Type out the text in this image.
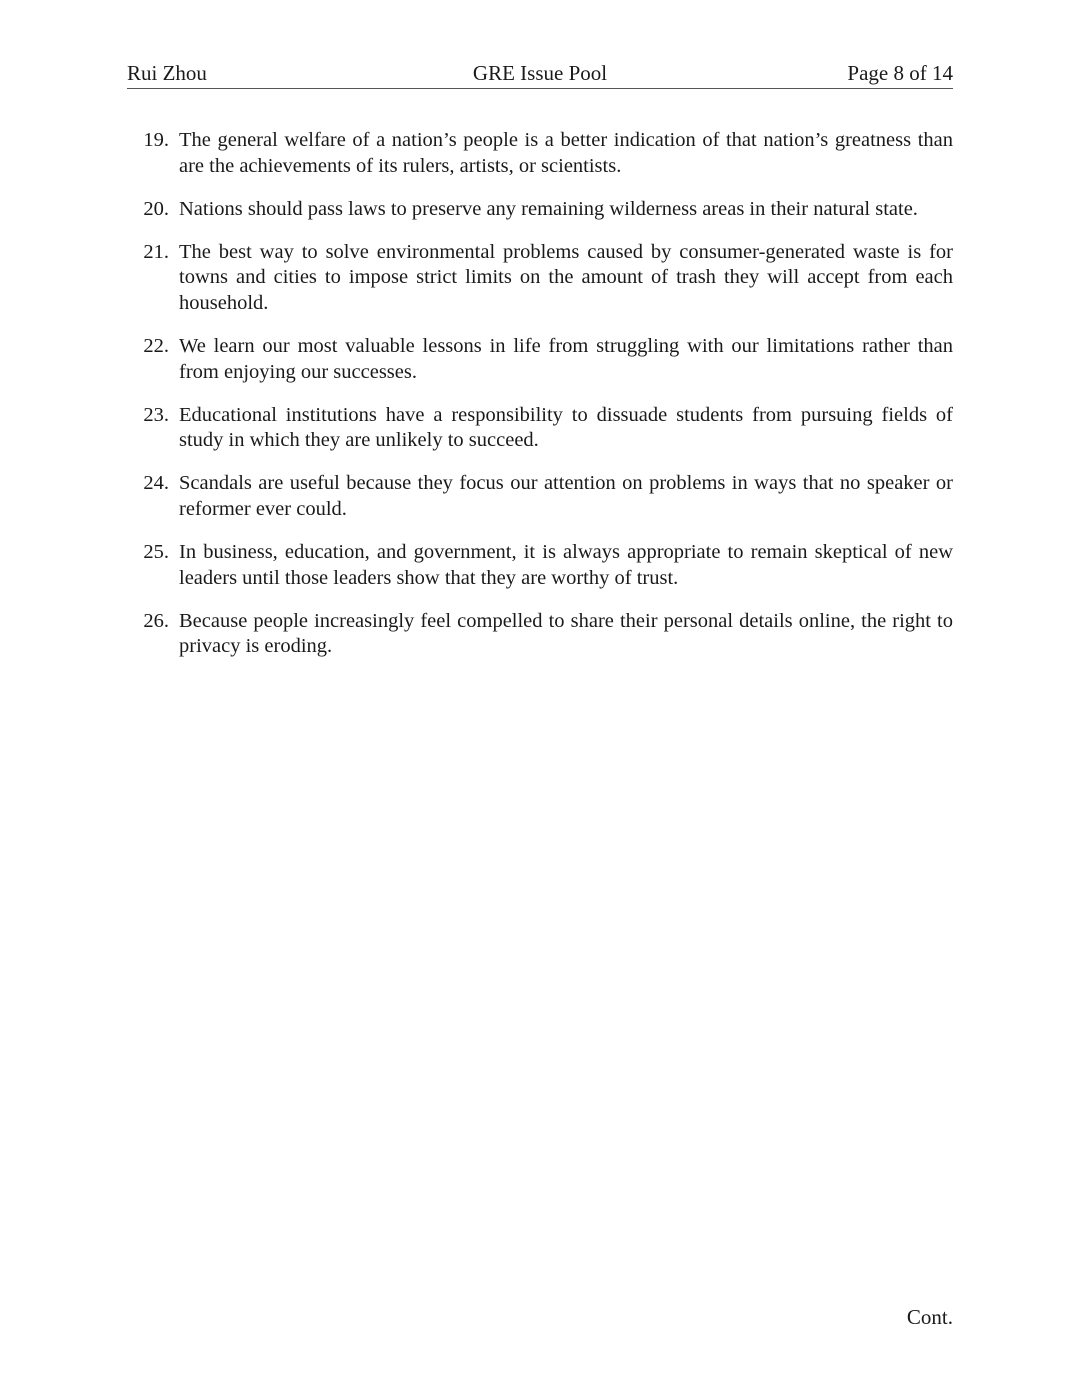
Rui Zhou	GRE Issue Pool	Page 8 of 14
19. The general welfare of a nation’s people is a better indication of that nation’s greatness than are the achievements of its rulers, artists, or scientists.
20. Nations should pass laws to preserve any remaining wilderness areas in their natural state.
21. The best way to solve environmental problems caused by consumer-generated waste is for towns and cities to impose strict limits on the amount of trash they will accept from each household.
22. We learn our most valuable lessons in life from struggling with our limitations rather than from enjoying our successes.
23. Educational institutions have a responsibility to dissuade students from pursuing fields of study in which they are unlikely to succeed.
24. Scandals are useful because they focus our attention on problems in ways that no speaker or reformer ever could.
25. In business, education, and government, it is always appropriate to remain skeptical of new leaders until those leaders show that they are worthy of trust.
26. Because people increasingly feel compelled to share their personal details online, the right to privacy is eroding.
Cont.
